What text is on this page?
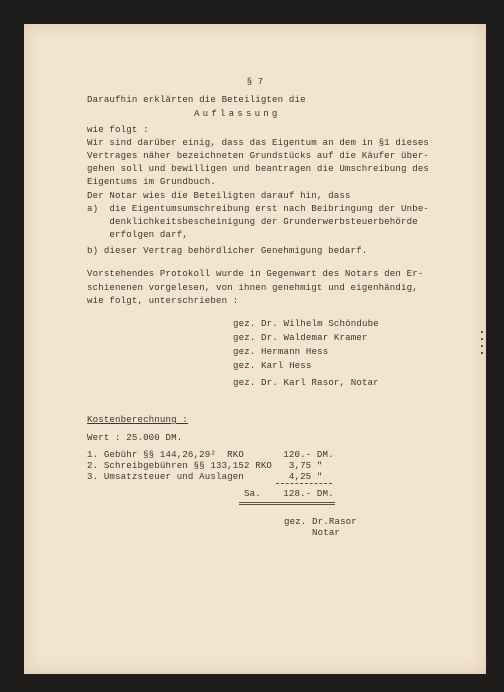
§ 7
Daraufhin erklärten die Beteiligten die
Auflassung
wie folgt :
Wir sind darüber einig, dass das Eigentum an dem in §1 dieses
Vertrages näher bezeichneten Grundstücks auf die Käufer über-
gehen soll und bewilligen und beantragen die Umschreibung des
Eigentums im Grundbuch.
Der Notar wies die Beteiligten darauf hin, dass
a)  die Eigentumsumschreibung erst nach Beibringung der Unbe-
denklichkeitsbescheinigung der Grunderwerbsteuerbehörde
erfolgen darf,
b) dieser Vertrag behördlicher Genehmigung bedarf.
Vorstehendes Protokoll wurde in Gegenwart des Notars den Er-
schienenen vorgelesen, von ihnen genehmigt und eigenhändig,
wie folgt, unterschrieben :
gez. Dr. Wilhelm Schöndube
gez. Dr. Waldemar Kramer
gez. Hermann Hess
gez. Karl Hess
gez. Dr. Karl Rasor, Notar
Kostenberechnung :
Wert : 25.000 DM.
1. Gebühr §§ 144,26,29²  RKO       120.- DM.
2. Schreibgebühren §§ 133,152 RKO   3,75 "
3. Umsatzsteuer und Auslagen        4,25 "
Sa.    128.- DM.
gez. Dr.Rasor
Notar
